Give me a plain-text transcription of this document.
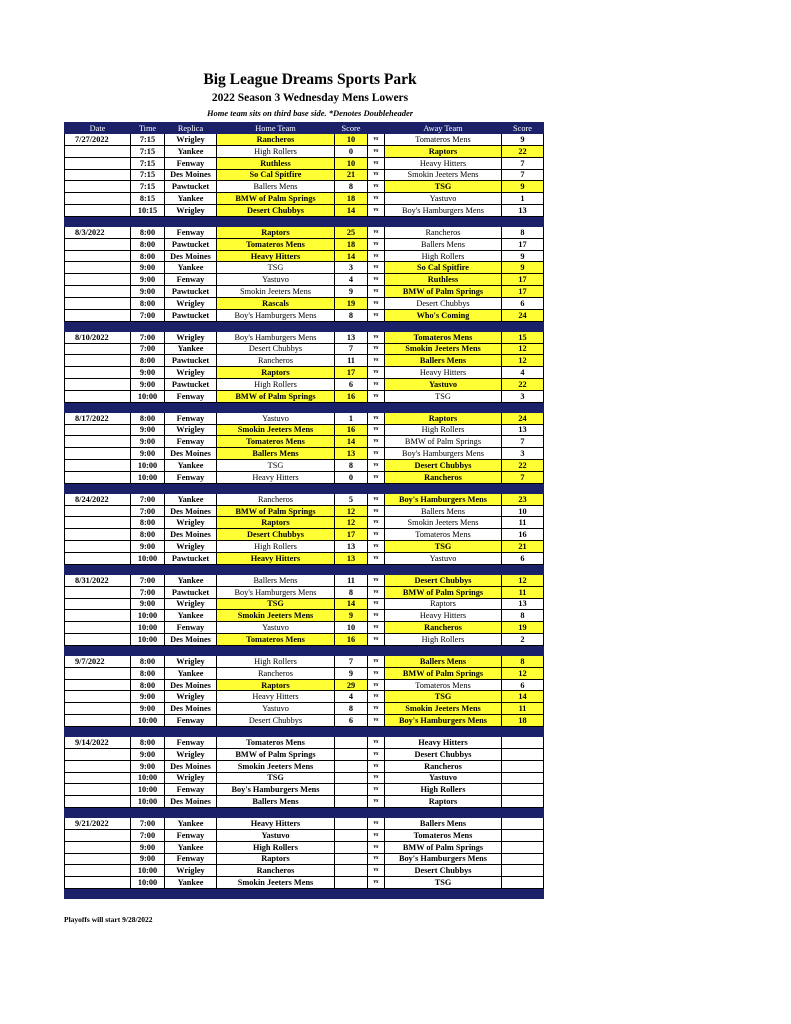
Big League Dreams Sports Park
2022 Season 3 Wednesday Mens Lowers
Home team sits on third base side. *Denotes Doubleheader
Date	Time	Replica	Home Team	Score		Away Team	Score
7/27/2022	7:15	Wrigley	Rancheros	10	vs	Tomateros Mens	9
	7:15	Yankee	High Rollers	0	vs	Raptors	22
	7:15	Fenway	Ruthless	10	vs	Heavy Hitters	7
	7:15	Des Moines	So Cal Spitfire	21	vs	Smokin Jeeters Mens	7
	7:15	Pawtucket	Ballers Mens	8	vs	TSG	9
	8:15	Yankee	BMW of Palm Springs	18	vs	Yastuvo	1
	10:15	Wrigley	Desert Chubbys	14	vs	Boy's Hamburgers Mens	13

8/3/2022	8:00	Fenway	Raptors	25	vs	Rancheros	8
	8:00	Pawtucket	Tomateros Mens	18	vs	Ballers Mens	17
	8:00	Des Moines	Heavy Hitters	14	vs	High Rollers	9
	9:00	Yankee	TSG	3	vs	So Cal Spitfire	9
	9:00	Fenway	Yastuvo	4	vs	Ruthless	17
	9:00	Pawtucket	Smokin Jeeters Mens	9	vs	BMW of Palm Springs	17
	8:00	Wrigley	Rascals	19	vs	Desert Chubbys	6
	7:00	Pawtucket	Boy's Hamburgers Mens	8	vs	Who's Coming	24

8/10/2022	7:00	Wrigley	Boy's Hamburgers Mens	13	vs	Tomateros Mens	15
	7:00	Yankee	Desert Chubbys	7	vs	Smokin Jeeters Mens	12
	8:00	Pawtucket	Rancheros	11	vs	Ballers Mens	12
	9:00	Wrigley	Raptors	17	vs	Heavy Hitters	4
	9:00	Pawtucket	High Rollers	6	vs	Yastuvo	22
	10:00	Fenway	BMW of Palm Springs	16	vs	TSG	3

8/17/2022	8:00	Fenway	Yastuvo	1	vs	Raptors	24
	9:00	Wrigley	Smokin Jeeters Mens	16	vs	High Rollers	13
	9:00	Fenway	Tomateros Mens	14	vs	BMW of Palm Springs	7
	9:00	Des Moines	Ballers Mens	13	vs	Boy's Hamburgers Mens	3
	10:00	Yankee	TSG	8	vs	Desert Chubbys	22
	10:00	Fenway	Heavy Hitters	0	vs	Rancheros	7

8/24/2022	7:00	Yankee	Rancheros	5	vs	Boy's Hamburgers Mens	23
	7:00	Des Moines	BMW of Palm Springs	12	vs	Ballers Mens	10
	8:00	Wrigley	Raptors	12	vs	Smokin Jeeters Mens	11
	8:00	Des Moines	Desert Chubbys	17	vs	Tomateros Mens	16
	9:00	Wrigley	High Rollers	13	vs	TSG	21
	10:00	Pawtucket	Heavy Hitters	13	vs	Yastuvo	6

8/31/2022	7:00	Yankee	Ballers Mens	11	vs	Desert Chubbys	12
	7:00	Pawtucket	Boy's Hamburgers Mens	8	vs	BMW of Palm Springs	11
	9:00	Wrigley	TSG	14	vs	Raptors	13
	10:00	Yankee	Smokin Jeeters Mens	9	vs	Heavy Hitters	8
	10:00	Fenway	Yastuvo	10	vs	Rancheros	19
	10:00	Des Moines	Tomateros Mens	16	vs	High Rollers	2

9/7/2022	8:00	Wrigley	High Rollers	7	vs	Ballers Mens	8
	8:00	Yankee	Rancheros	9	vs	BMW of Palm Springs	12
	8:00	Des Moines	Raptors	29	vs	Tomateros Mens	6
	9:00	Wrigley	Heavy Hitters	4	vs	TSG	14
	9:00	Des Moines	Yastuvo	8	vs	Smokin Jeeters Mens	11
	10:00	Fenway	Desert Chubbys	6	vs	Boy's Hamburgers Mens	18

9/14/2022	8:00	Fenway	Tomateros Mens		vs	Heavy Hitters	
	9:00	Wrigley	BMW of Palm Springs		vs	Desert Chubbys	
	9:00	Des Moines	Smokin Jeeters Mens		vs	Rancheros	
	10:00	Wrigley	TSG		vs	Yastuvo	
	10:00	Fenway	Boy's Hamburgers Mens		vs	High Rollers	
	10:00	Des Moines	Ballers Mens		vs	Raptors	

9/21/2022	7:00	Yankee	Heavy Hitters		vs	Ballers Mens	
	7:00	Fenway	Yastuvo		vs	Tomateros Mens	
	9:00	Yankee	High Rollers		vs	BMW of Palm Springs	
	9:00	Fenway	Raptors		vs	Boy's Hamburgers Mens	
	10:00	Wrigley	Rancheros		vs	Desert Chubbys	
	10:00	Yankee	Smokin Jeeters Mens		vs	TSG	

Playoffs will start 9/28/2022
